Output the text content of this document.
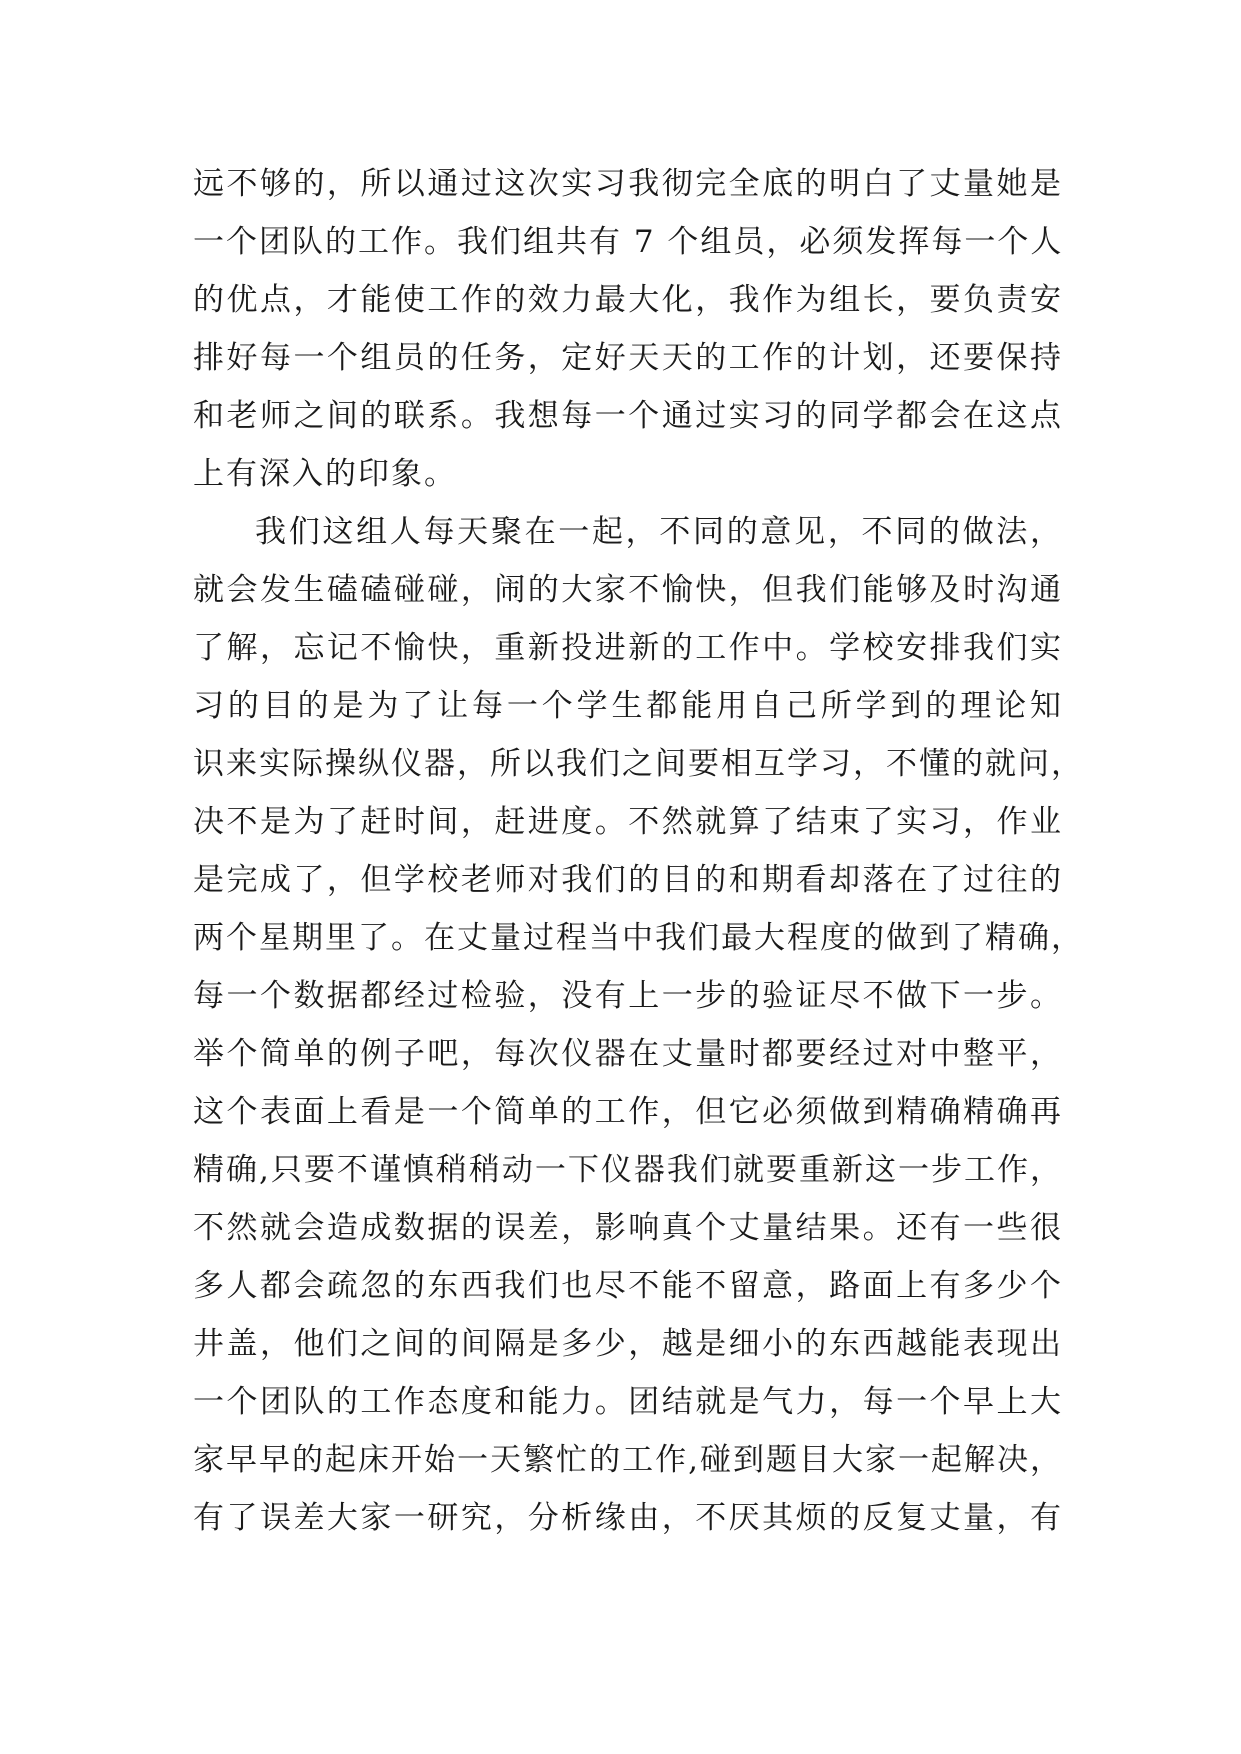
远不够的，所以通过这次实习我彻完全底的明白了丈量她是
一个团队的工作。我们组共有 7 个组员，必须发挥每一个人
的优点，才能使工作的效力最大化，我作为组长，要负责安
排好每一个组员的任务，定好天天的工作的计划，还要保持
和老师之间的联系。我想每一个通过实习的同学都会在这点
上有深入的印象。
我们这组人每天聚在一起，不同的意见，不同的做法，
就会发生磕磕碰碰，闹的大家不愉快，但我们能够及时沟通
了解，忘记不愉快，重新投进新的工作中。学校安排我们实
习的目的是为了让每一个学生都能用自己所学到的理论知
识来实际操纵仪器，所以我们之间要相互学习，不懂的就问，
决不是为了赶时间，赶进度。不然就算了结束了实习，作业
是完成了，但学校老师对我们的目的和期看却落在了过往的
两个星期里了。在丈量过程当中我们最大程度的做到了精确，
每一个数据都经过检验，没有上一步的验证尽不做下一步。
举个简单的例子吧，每次仪器在丈量时都要经过对中整平，
这个表面上看是一个简单的工作，但它必须做到精确精确再
精确,只要不谨慎稍稍动一下仪器我们就要重新这一步工作，
不然就会造成数据的误差，影响真个丈量结果。还有一些很
多人都会疏忽的东西我们也尽不能不留意，路面上有多少个
井盖，他们之间的间隔是多少，越是细小的东西越能表现出
一个团队的工作态度和能力。团结就是气力，每一个早上大
家早早的起床开始一天繁忙的工作,碰到题目大家一起解决，
有了误差大家一研究，分析缘由，不厌其烦的反复丈量，有
